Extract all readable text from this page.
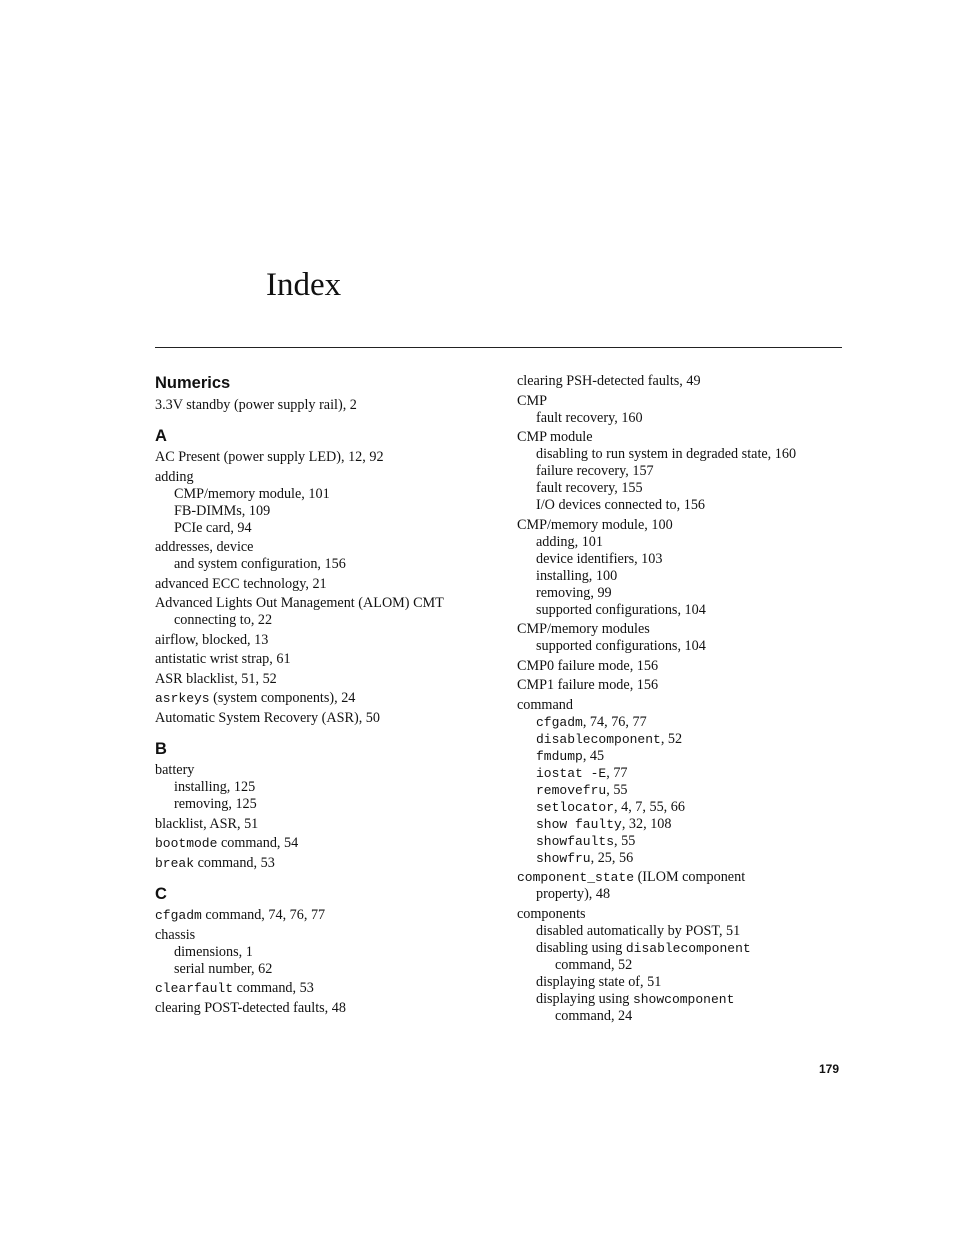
Index
Numerics
3.3V standby (power supply rail), 2
A
AC Present (power supply LED), 12, 92
adding
CMP/memory module, 101
FB-DIMMs, 109
PCIe card, 94
addresses, device
and system configuration, 156
advanced ECC technology, 21
Advanced Lights Out Management (ALOM) CMT
connecting to, 22
airflow, blocked, 13
antistatic wrist strap, 61
ASR blacklist, 51, 52
asrkeys (system components), 24
Automatic System Recovery (ASR), 50
B
battery
installing, 125
removing, 125
blacklist, ASR, 51
bootmode command, 54
break command, 53
C
cfgadm command, 74, 76, 77
chassis
dimensions, 1
serial number, 62
clearfault command, 53
clearing POST-detected faults, 48
clearing PSH-detected faults, 49
CMP
fault recovery, 160
CMP module
disabling to run system in degraded state, 160
failure recovery, 157
fault recovery, 155
I/O devices connected to, 156
CMP/memory module, 100
adding, 101
device identifiers, 103
installing, 100
removing, 99
supported configurations, 104
CMP/memory modules
supported configurations, 104
CMP0 failure mode, 156
CMP1 failure mode, 156
command
cfgadm, 74, 76, 77
disablecomponent, 52
fmdump, 45
iostat -E, 77
removefru, 55
setlocator, 4, 7, 55, 66
show faulty, 32, 108
showfaults, 55
showfru, 25, 56
component_state (ILOM component
property), 48
components
disabled automatically by POST, 51
disabling using disablecomponent
command, 52
displaying state of, 51
displaying using showcomponent
command, 24
179
